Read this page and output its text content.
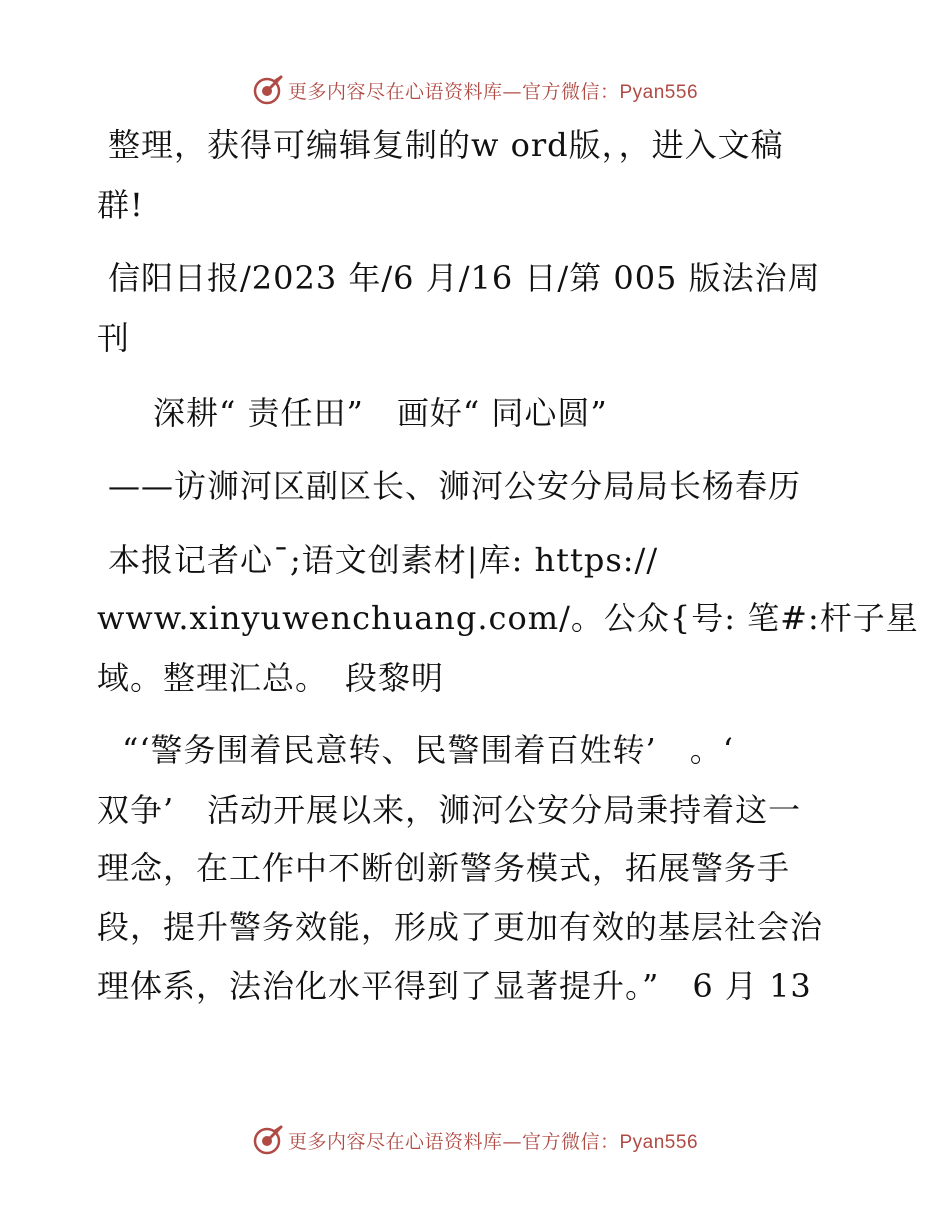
更多内容尽在心语资料库—官方微信：Pyan556
整理，获得可编辑复制的w ord版，，进入文稿
群!
信阳日报/2023 年/6 月/16 日/第 005 版法治周
刊
深耕“ 责任田”　画好“ 同心圆”
——访浉河区副区长、浉河公安分局局长杨春历
本报记者心¯;语文创素材|库: https://
www.xinyuwenchuang.com/。公众{号: 笔#:杆子星
域。整理汇总。　段黎明
“‘警务围着民意转、民警围着百姓转’　。‘
双争’　活动开展以来，浉河公安分局秉持着这一
理念，在工作中不断创新警务模式，拓展警务手
段，提升警务效能，形成了更加有效的基层社会治
理体系，法治化水平得到了显著提升。”　6 月 13
更多内容尽在心语资料库—官方微信：Pyan556
